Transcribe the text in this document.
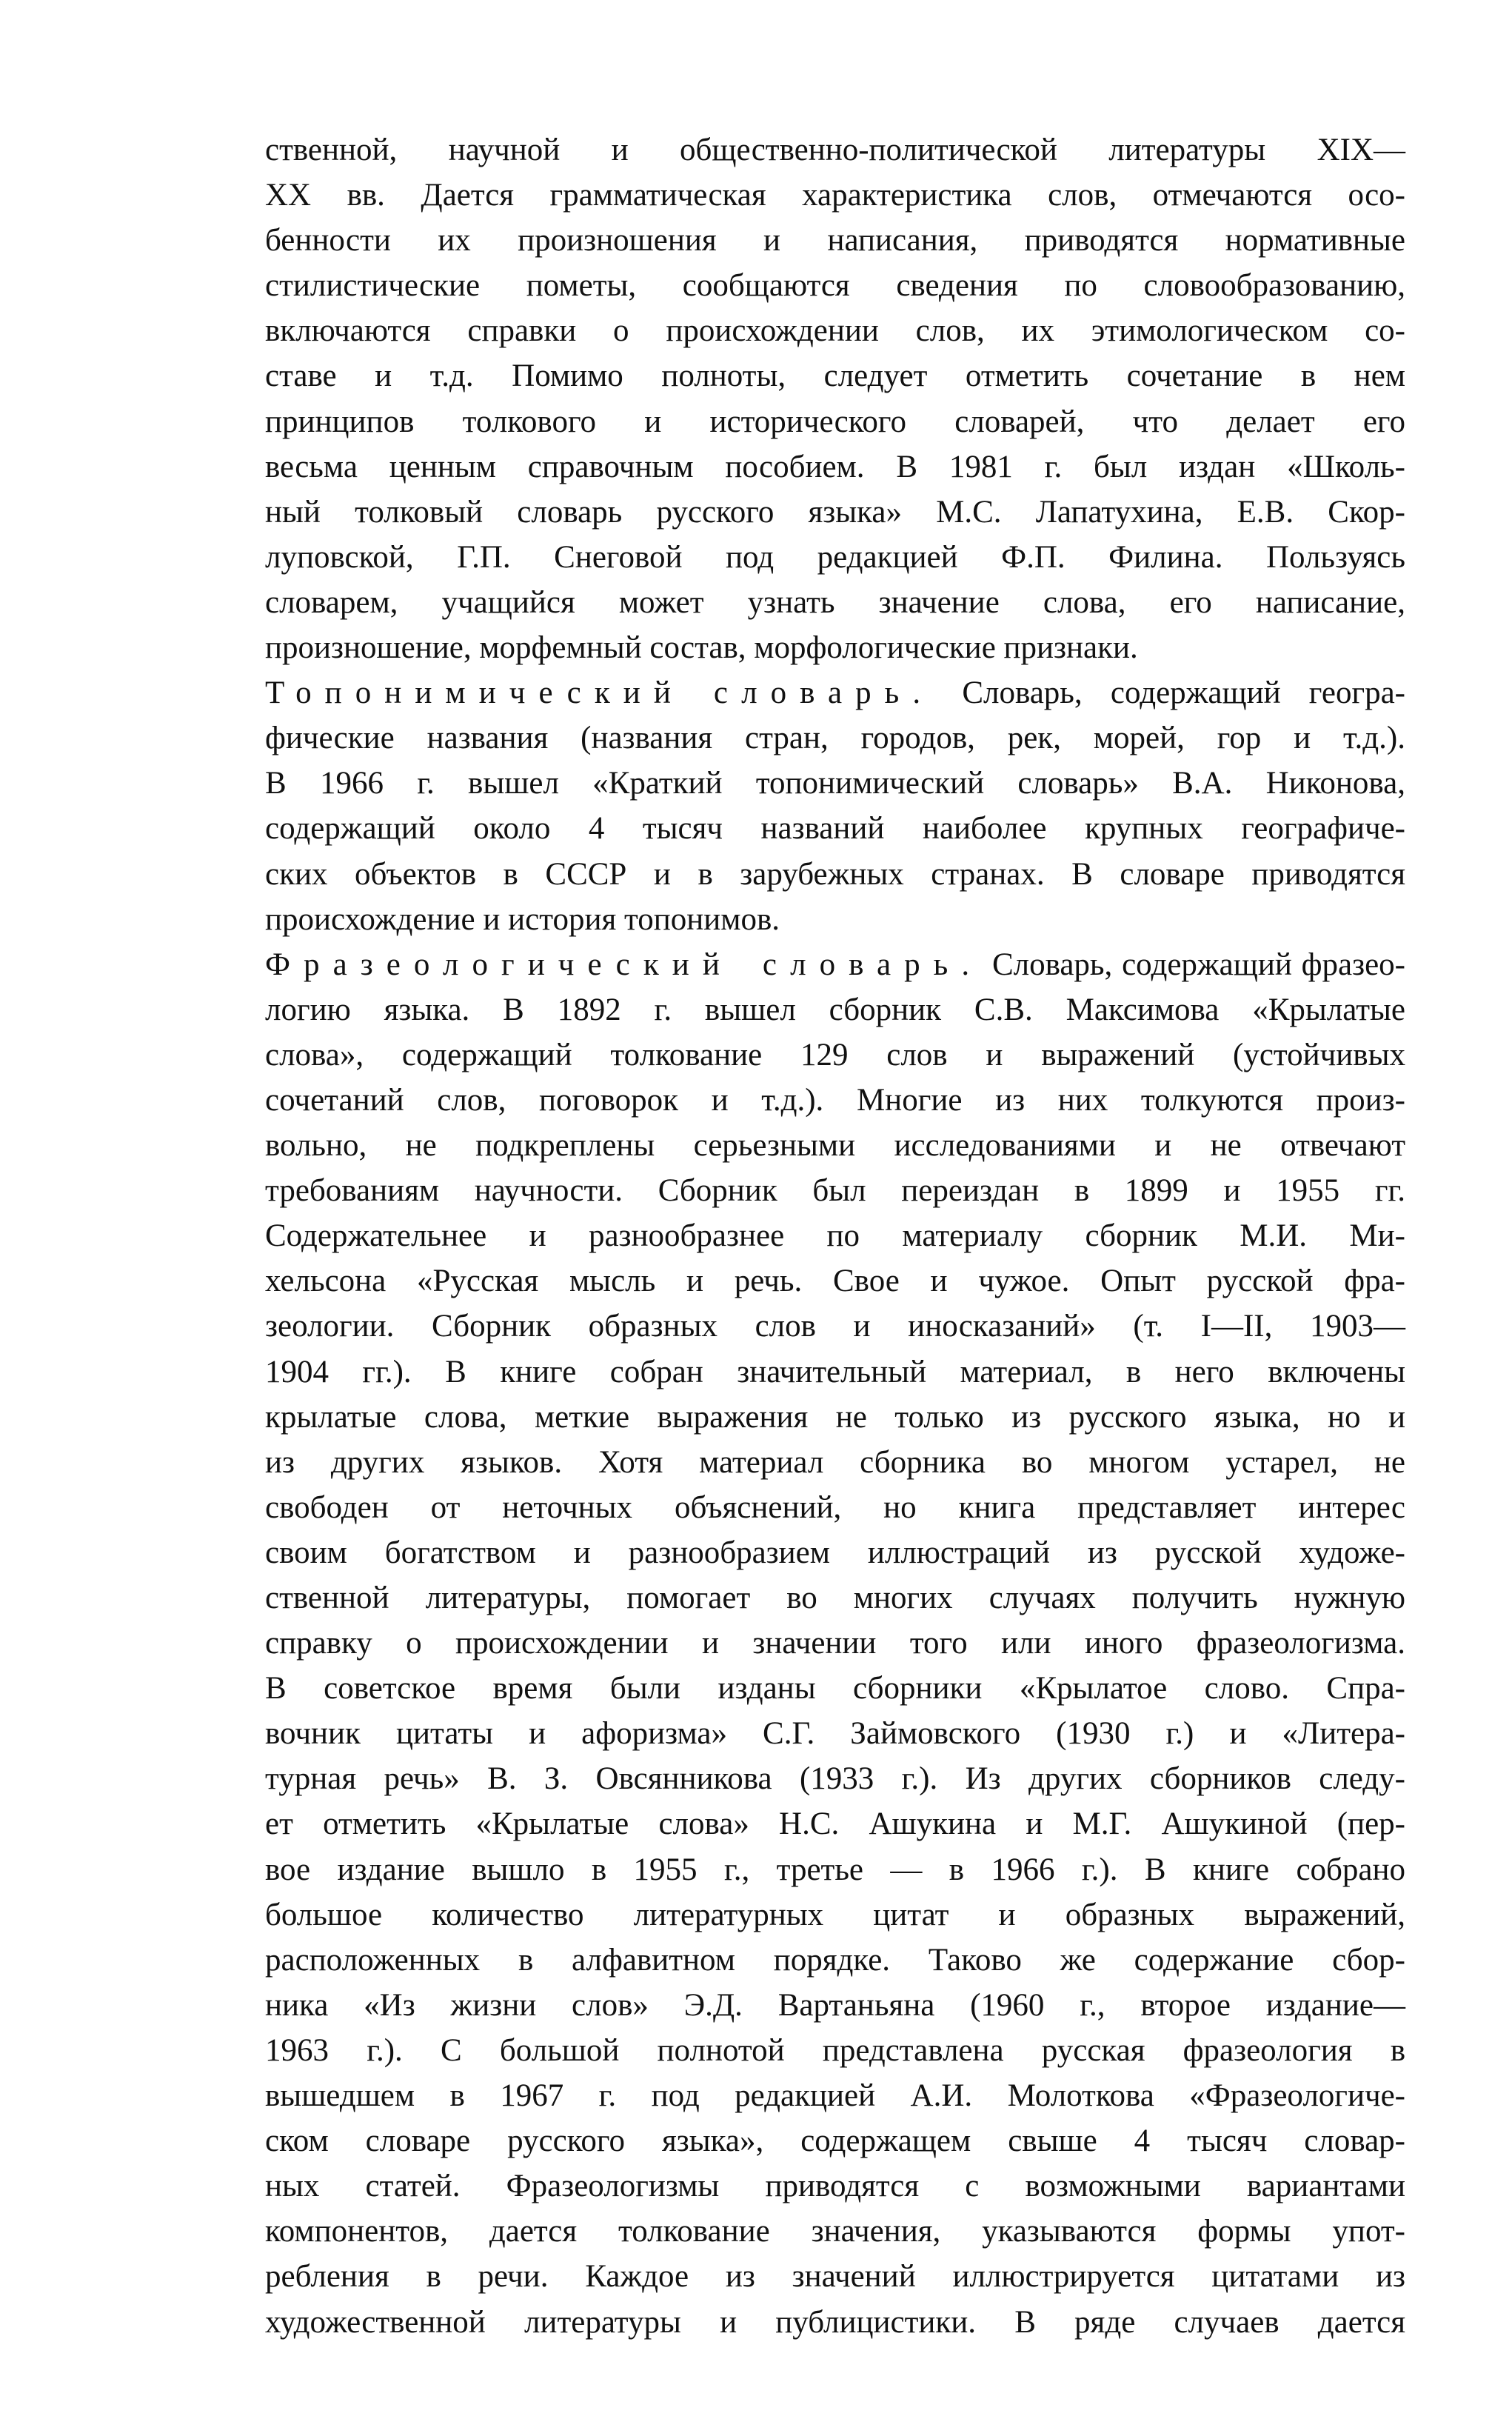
ственной, научной и общественно-политической литературы XIX—
XX вв. Дается грамматическая характеристика слов, отмечаются осо-
бенности их произношения и написания, приводятся нормативные
стилистические пометы, сообщаются сведения по словообразованию,
включаются справки о происхождении слов, их этимологическом со-
ставе и т.д. Помимо полноты, следует отметить сочетание в нем
принципов толкового и исторического словарей, что делает его
весьма ценным справочным пособием. В 1981 г. был издан «Школь-
ный толковый словарь русского языка» М.С. Лапатухина, Е.В. Скор-
луповской, Г.П. Снеговой под редакцией Ф.П. Филина. Пользуясь
словарем, учащийся может узнать значение слова, его написание,
произношение, морфемный состав, морфологические признаки.
Топонимический словарь. Словарь, содержащий геогра-
фические названия (названия стран, городов, рек, морей, гор и т.д.).
В 1966 г. вышел «Краткий топонимический словарь» В.А. Никонова,
содержащий около 4 тысяч названий наиболее крупных географиче-
ских объектов в СССР и в зарубежных странах. В словаре приводятся
происхождение и история топонимов.
Фразеологический словарь. Словарь, содержащий фразео-
логию языка. В 1892 г. вышел сборник С.В. Максимова «Крылатые
слова», содержащий толкование 129 слов и выражений (устойчивых
сочетаний слов, поговорок и т.д.). Многие из них толкуются произ-
вольно, не подкреплены серьезными исследованиями и не отвечают
требованиям научности. Сборник был переиздан в 1899 и 1955 гг.
Содержательнее и разнообразнее по материалу сборник М.И. Ми-
хельсона «Русская мысль и речь. Свое и чужое. Опыт русской фра-
зеологии. Сборник образных слов и иносказаний» (т. I—II, 1903—
1904 гг.). В книге собран значительный материал, в него включены
крылатые слова, меткие выражения не только из русского языка, но и
из других языков. Хотя материал сборника во многом устарел, не
свободен от неточных объяснений, но книга представляет интерес
своим богатством и разнообразием иллюстраций из русской художе-
ственной литературы, помогает во многих случаях получить нужную
справку о происхождении и значении того или иного фразеологизма.
В советское время были изданы сборники «Крылатое слово. Спра-
вочник цитаты и афоризма» С.Г. Займовского (1930 г.) и «Литера-
турная речь» В. З. Овсянникова (1933 г.). Из других сборников следу-
ет отметить «Крылатые слова» Н.С. Ашукина и М.Г. Ашукиной (пер-
вое издание вышло в 1955 г., третье — в 1966 г.). В книге собрано
большое количество литературных цитат и образных выражений,
расположенных в алфавитном порядке. Таково же содержание сбор-
ника «Из жизни слов» Э.Д. Вартаньяна (1960 г., второе издание—
1963 г.). С большой полнотой представлена русская фразеология в
вышедшем в 1967 г. под редакцией А.И. Молоткова «Фразеологиче-
ском словаре русского языка», содержащем свыше 4 тысяч словар-
ных статей. Фразеологизмы приводятся с возможными вариантами
компонентов, дается толкование значения, указываются формы упот-
ребления в речи. Каждое из значений иллюстрируется цитатами из
художественной литературы и публицистики. В ряде случаев дается
